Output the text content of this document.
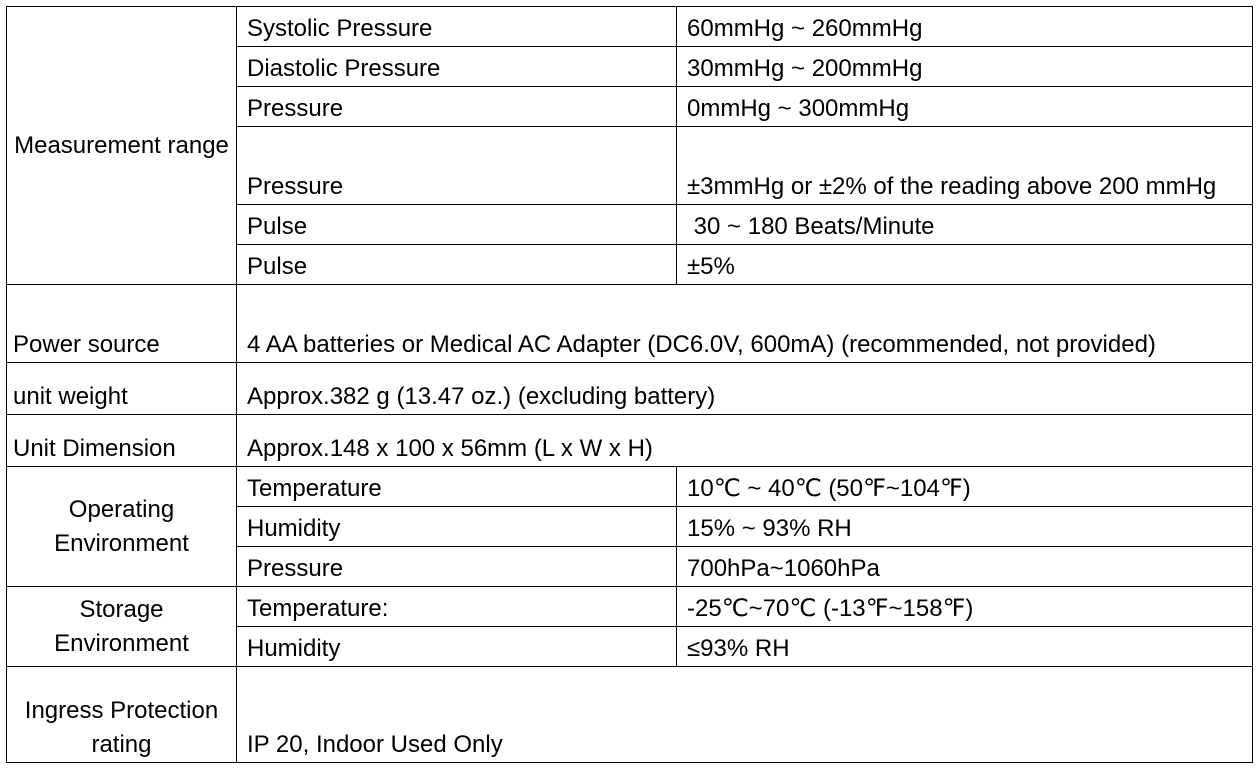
Measurement range	Systolic Pressure	60mmHg ~ 260mmHg
	Diastolic Pressure	30mmHg ~ 200mmHg
	Pressure	0mmHg ~ 300mmHg
	Pressure	±3mmHg or ±2% of the reading above 200 mmHg
	Pulse	30 ~ 180 Beats/Minute
	Pulse	±5%
Power source	4 AA batteries or Medical AC Adapter (DC6.0V, 600mA) (recommended, not provided)	
unit weight	Approx.382 g (13.47 oz.) (excluding battery)	
Unit Dimension	Approx.148 x 100 x 56mm (L x W x H)	
Operating Environment	Temperature	10℃ ~ 40℃ (50℉~104℉)
	Humidity	15% ~ 93% RH
	Pressure	700hPa~1060hPa
Storage Environment	Temperature:	-25℃~70℃ (-13℉~158℉)
	Humidity	≤93% RH
Ingress Protection rating	IP 20, Indoor Used Only	
